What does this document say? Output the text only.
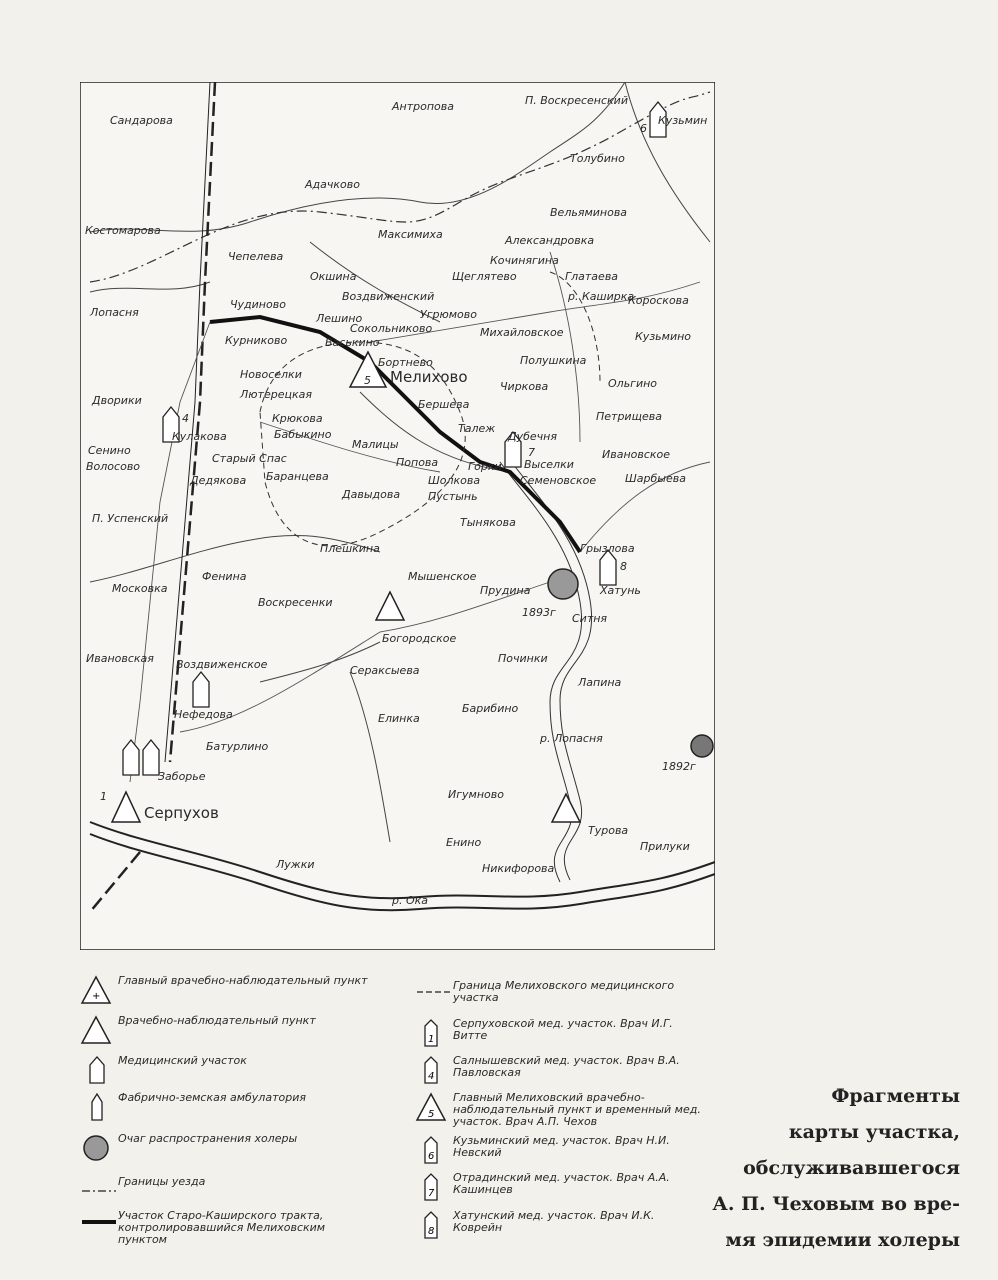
Сандарова
Антропова	П. Воскресенский
Кузьмин
Толубино
Адачково
Вельяминова
Костомарова	Максимиха	Александровка
Чепелева	Кочинягина
Окшина	Щеглятево	Глатаева
Воздвиженский	р. Каширка
Короскова
Чудиново
Угрюмово
Лопасня	Лешино
Сокольниково	Михайловское
Курниково	Васькино	Кузьмино
Бортнево	Полушкина
Новоселки	Мелихово
Чиркова	Ольгино
Дворики	Лютерецкая
Бершева
Петрищева
Крюкова
Талеж
Кулакова	Бабыкино	Дубечня
Малицы
Ивановское
Сенино
Волосово
Старый Спас	Попова	Горки Выселки
Дедякова Баранцева	Шолкова	Семеновское	Шарбыева
Давыдова	Пустынь
П. Успенский	Тынякова
Грызлова
Плешкина
Фенина	Мышенское
Прудина	Хатунь
Московка
Воскресенки
1893г Ситня
Богородское
Ивановская Воздвиженское	Сераксыева
Починки
Лапина
Барибино
Нефедова	Елинка
р. Лопасня
Батурлино
1892г
Заборье
Игумново
Серпухов
Турова
Енино
Лужки	Никифорова
Прилуки
р. Ока
6
4
5
7
8
1
+
Главный врачебно-наблюдательный пункт
Врачебно-наблюдательный пункт
Медицинский участок
Фабрично-земская амбулатория
Очаг распространения холеры
Границы уезда
Участок Старо-Каширского тракта, контролировавшийся Мелиховским пунктом
Граница Мелиховского медицинского участка
1
Серпуховской мед. участок. Врач И.Г. Витте
4
Салнышевский мед. участок. Врач В.А. Павловская
5
Главный Мелиховский врачебно-наблюдательный пункт и временный мед. участок. Врач А.П. Чехов
6
Кузьминский мед. участок. Врач Н.И. Невский
7
Отрадинский мед. участок. Врач А.А. Кашинцев
8
Хатунский мед. участок. Врач И.К. Коврейн
Фрагменты
карты участка,
обслуживавшегося
А. П. Чеховым во вре-
мя эпидемии холеры
